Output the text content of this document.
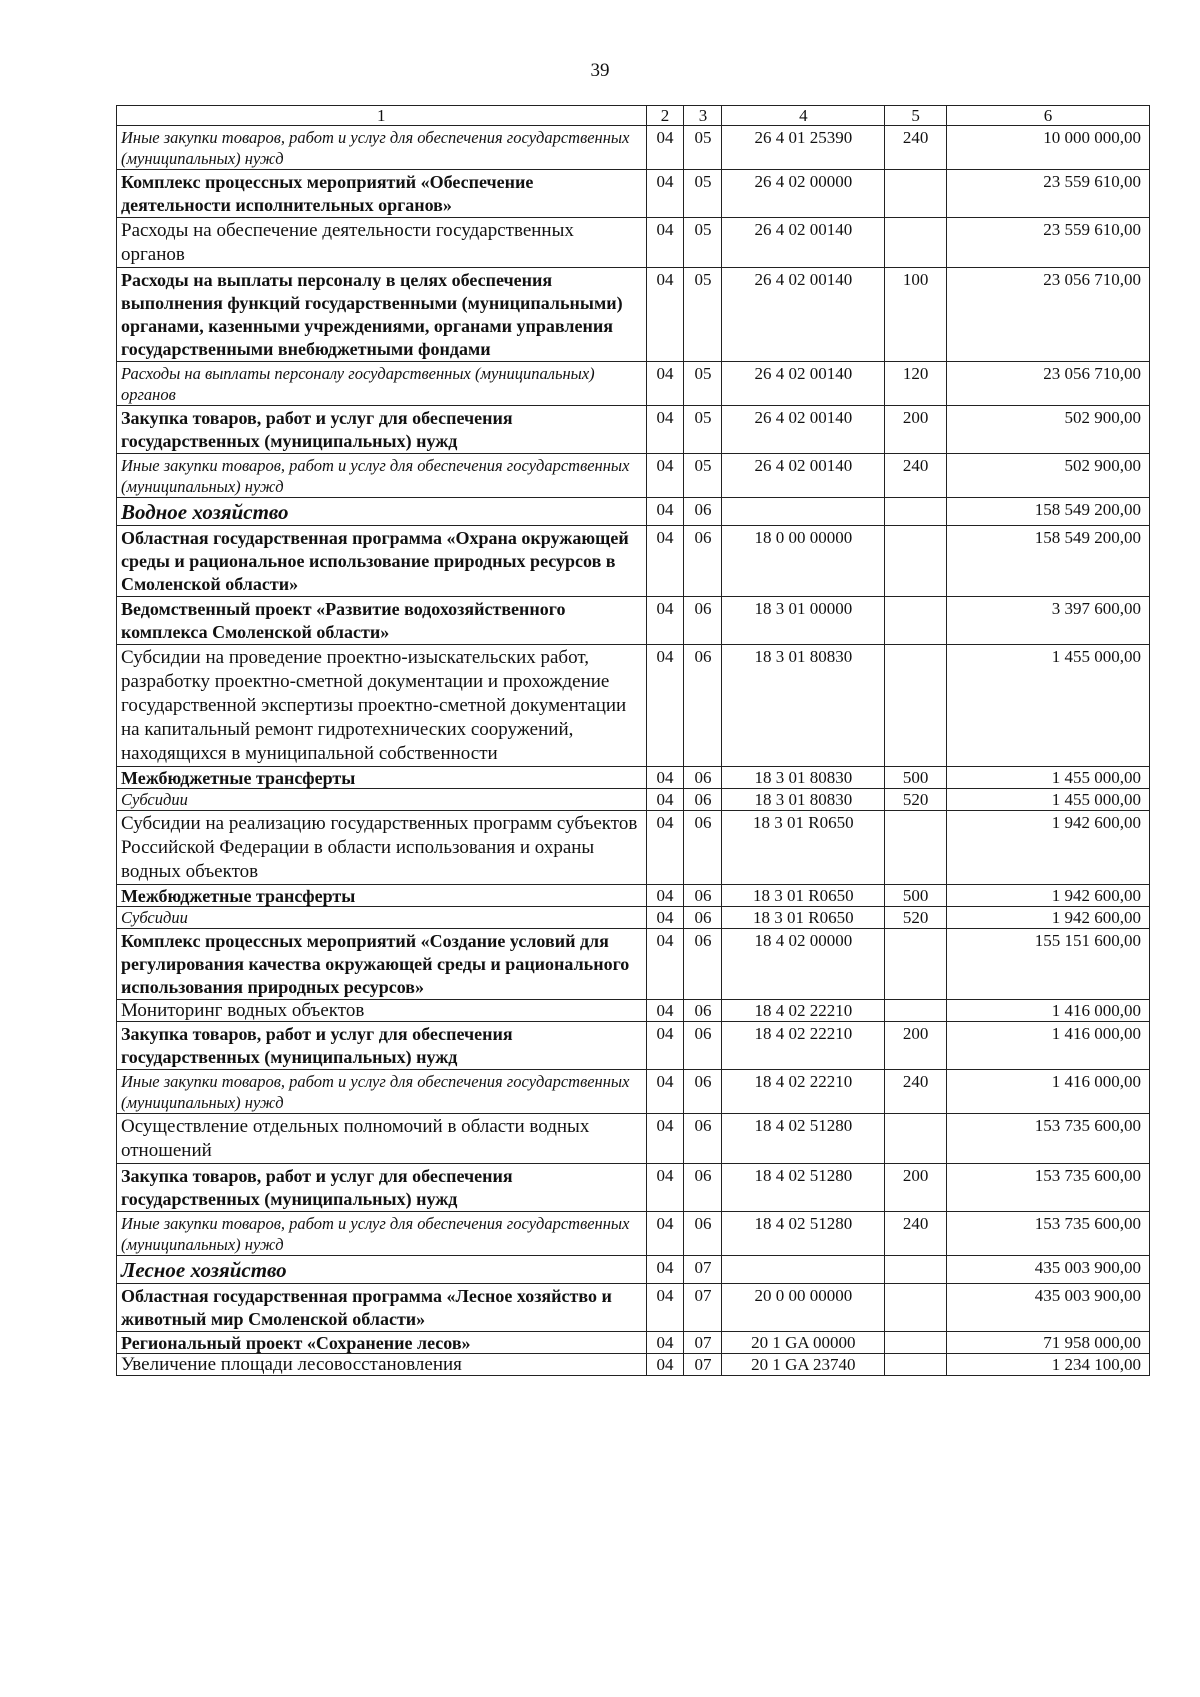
39
1	2	3	4	5	6
Иные закупки товаров, работ и услуг для обеспечения государственных (муниципальных) нужд	04	05	26 4 01 25390	240	10 000 000,00
Комплекс процессных мероприятий «Обеспечение деятельности исполнительных органов»	04	05	26 4 02 00000		23 559 610,00
Расходы на обеспечение деятельности государственных органов	04	05	26 4 02 00140		23 559 610,00
Расходы на выплаты персоналу в целях обеспечения выполнения функций государственными (муниципальными) органами, казенными учреждениями, органами управления государственными внебюджетными фондами	04	05	26 4 02 00140	100	23 056 710,00
Расходы на выплаты персоналу государственных (муниципальных) органов	04	05	26 4 02 00140	120	23 056 710,00
Закупка товаров, работ и услуг для обеспечения государственных (муниципальных) нужд	04	05	26 4 02 00140	200	502 900,00
Иные закупки товаров, работ и услуг для обеспечения государственных (муниципальных) нужд	04	05	26 4 02 00140	240	502 900,00
Водное хозяйство	04	06			158 549 200,00
Областная государственная программа «Охрана окружающей среды и рациональное использование природных ресурсов в Смоленской области»	04	06	18 0 00 00000		158 549 200,00
Ведомственный проект «Развитие водохозяйственного комплекса Смоленской области»	04	06	18 3 01 00000		3 397 600,00
Субсидии на проведение проектно-изыскательских работ, разработку проектно-сметной документации и прохождение государственной экспертизы проектно-сметной документации на капитальный ремонт гидротехнических сооружений, находящихся в муниципальной собственности	04	06	18 3 01 80830		1 455 000,00
Межбюджетные трансферты	04	06	18 3 01 80830	500	1 455 000,00
Субсидии	04	06	18 3 01 80830	520	1 455 000,00
Субсидии на реализацию государственных программ субъектов Российской Федерации в области использования и охраны водных объектов	04	06	18 3 01 R0650		1 942 600,00
Межбюджетные трансферты	04	06	18 3 01 R0650	500	1 942 600,00
Субсидии	04	06	18 3 01 R0650	520	1 942 600,00
Комплекс процессных мероприятий «Создание условий для регулирования качества окружающей среды и рационального использования природных ресурсов»	04	06	18 4 02 00000		155 151 600,00
Мониторинг водных объектов	04	06	18 4 02 22210		1 416 000,00
Закупка товаров, работ и услуг для обеспечения государственных (муниципальных) нужд	04	06	18 4 02 22210	200	1 416 000,00
Иные закупки товаров, работ и услуг для обеспечения государственных (муниципальных) нужд	04	06	18 4 02 22210	240	1 416 000,00
Осуществление отдельных полномочий в области водных отношений	04	06	18 4 02 51280		153 735 600,00
Закупка товаров, работ и услуг для обеспечения государственных (муниципальных) нужд	04	06	18 4 02 51280	200	153 735 600,00
Иные закупки товаров, работ и услуг для обеспечения государственных (муниципальных) нужд	04	06	18 4 02 51280	240	153 735 600,00
Лесное хозяйство	04	07			435 003 900,00
Областная государственная программа «Лесное хозяйство и животный мир Смоленской области»	04	07	20 0 00 00000		435 003 900,00
Региональный проект «Сохранение лесов»	04	07	20 1 GA 00000		71 958 000,00
Увеличение площади лесовосстановления	04	07	20 1 GA 23740		1 234 100,00
